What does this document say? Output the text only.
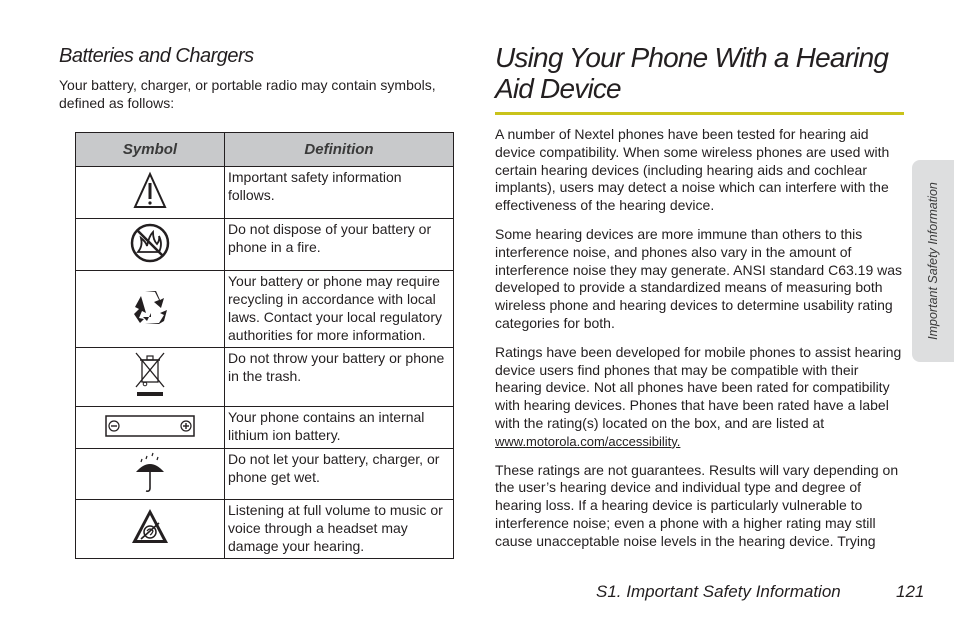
Batteries and Chargers

Your battery, charger, or portable radio may contain symbols, defined as follows:

Symbol	Definition
	Important safety information follows.
	Do not dispose of your battery or phone in a fire.
	Your battery or phone may require recycling in accordance with local laws. Contact your local regulatory authorities for more information.
	Do not throw your battery or phone in the trash.
	Your phone contains an internal lithium ion battery.
	Do not let your battery, charger, or phone get wet.
	Listening at full volume to music or voice through a headset may damage your hearing.
Using Your Phone With a Hearing Aid Device

A number of Nextel phones have been tested for hearing aid device compatibility. When some wireless phones are used with certain hearing devices (including hearing aids and cochlear implants), users may detect a noise which can interfere with the effectiveness of the hearing device.

Some hearing devices are more immune than others to this interference noise, and phones also vary in the amount of interference noise they may generate. ANSI standard C63.19 was developed to provide a standardized means of measuring both wireless phone and hearing devices to determine usability rating categories for both.

Ratings have been developed for mobile phones to assist hearing device users find phones that may be compatible with their hearing device. Not all phones have been rated for compatibility with hearing devices. Phones that have been rated have a label with the rating(s) located on the box, and are listed at www.motorola.com/accessibility.

These ratings are not guarantees. Results will vary depending on the user’s hearing device and individual type and degree of hearing loss. If a hearing device is particularly vulnerable to interference noise; even a phone with a higher rating may still cause unacceptable noise levels in the hearing device. Trying

Important Safety Information
S1. Important Safety Information	121
